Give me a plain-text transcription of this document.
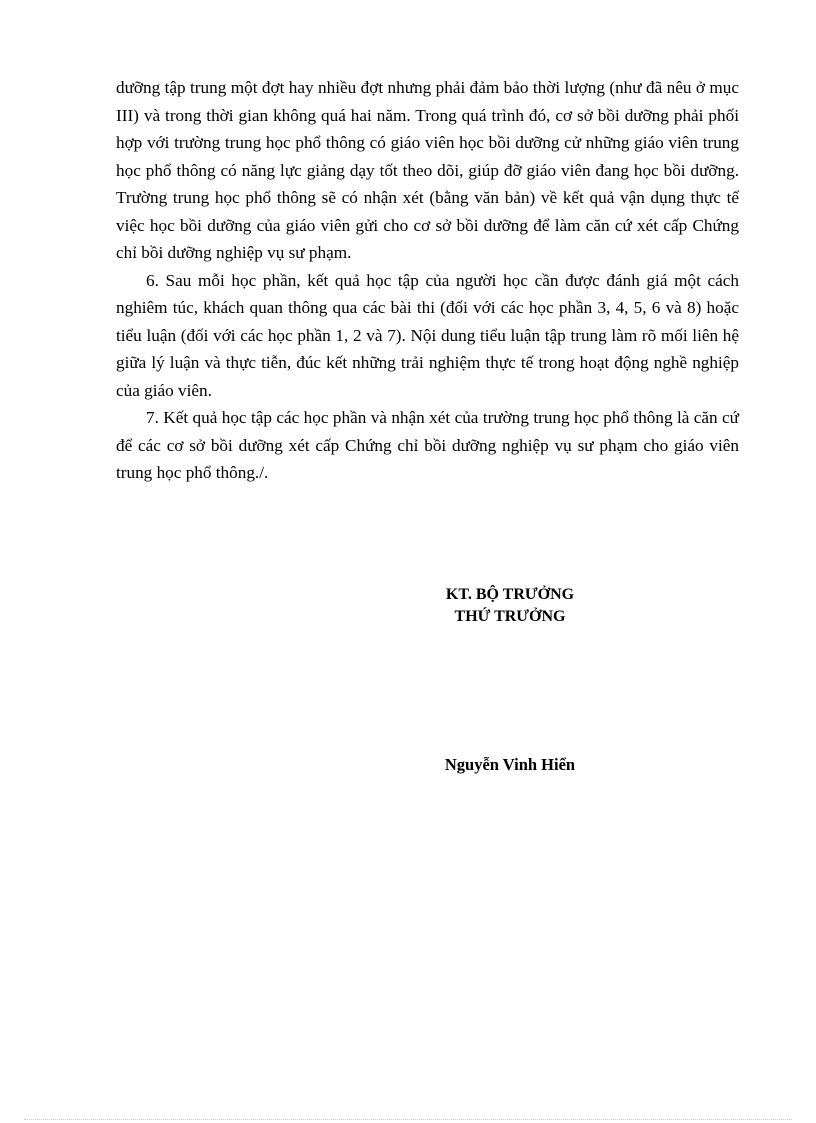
dưỡng tập trung một đợt hay nhiều đợt nhưng phải đảm bảo thời lượng (như đã nêu ở mục III) và trong thời gian không quá hai năm. Trong quá trình đó, cơ sở bồi dưỡng phải phối hợp với trường trung học phổ thông có giáo viên học bồi dưỡng cử những giáo viên trung học phổ thông có năng lực giảng dạy tốt theo dõi, giúp đỡ giáo viên đang học bồi dưỡng. Trường trung học phổ thông sẽ có nhận xét (bằng văn bản) về kết quả vận dụng thực tế việc học bồi dưỡng của giáo viên gửi cho cơ sở bồi dưỡng để làm căn cứ xét cấp Chứng chỉ bồi dưỡng nghiệp vụ sư phạm.

6. Sau mỗi học phần, kết quả học tập của người học cần được đánh giá một cách nghiêm túc, khách quan thông qua các bài thi (đối với các học phần 3, 4, 5, 6 và 8) hoặc tiểu luận (đối với các học phần 1, 2 và 7). Nội dung tiểu luận tập trung làm rõ mối liên hệ giữa lý luận và thực tiễn, đúc kết những trải nghiệm thực tế trong hoạt động nghề nghiệp của giáo viên.

7. Kết quả học tập các học phần và nhận xét của trường trung học phổ thông là căn cứ để các cơ sở bồi dưỡng xét cấp Chứng chỉ bồi dưỡng nghiệp vụ sư phạm cho giáo viên trung học phổ thông./.

KT. BỘ TRƯỞNG
THỨ TRƯỞNG
Nguyễn Vinh Hiển
